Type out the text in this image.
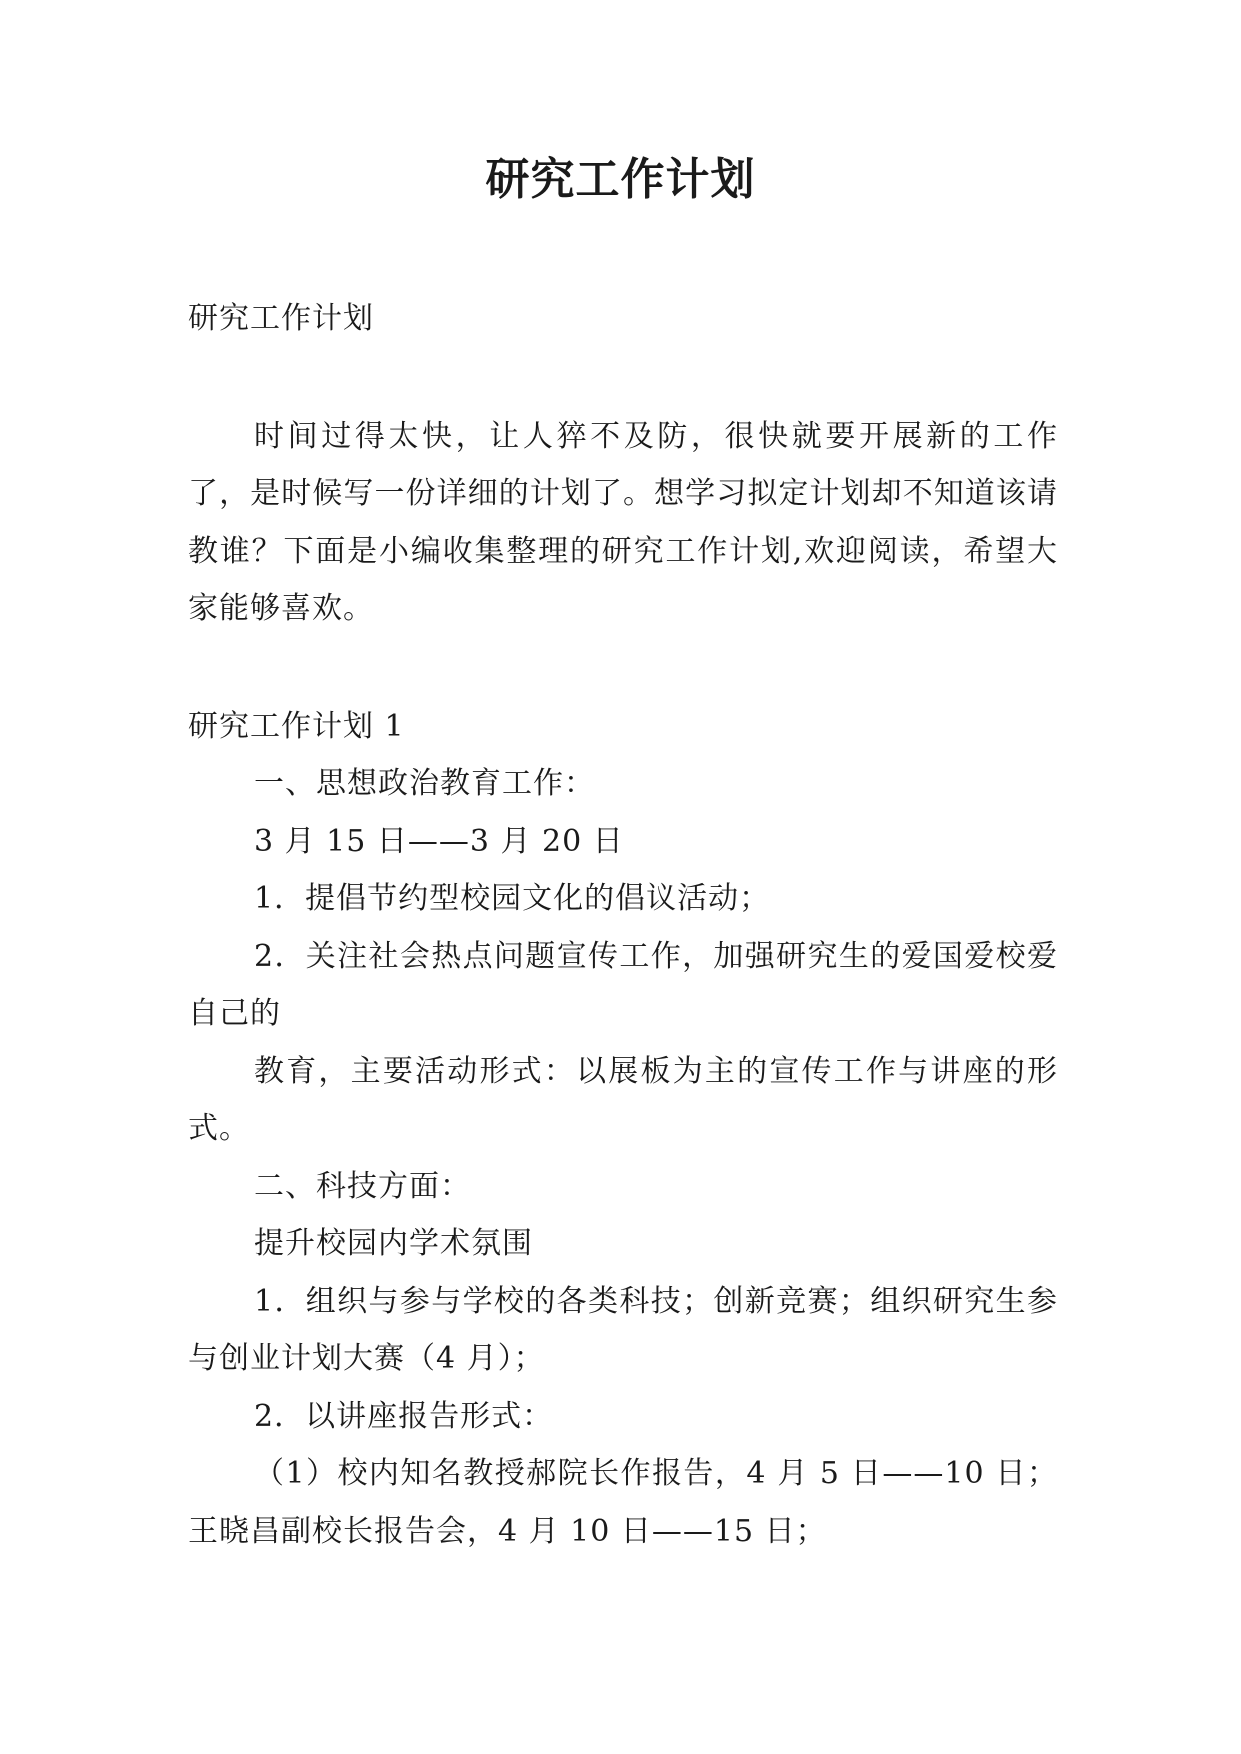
研究工作计划

研究工作计划

时间过得太快，让人猝不及防，很快就要开展新的工作了，是时候写一份详细的计划了。想学习拟定计划却不知道该请教谁？下面是小编收集整理的研究工作计划,欢迎阅读，希望大家能够喜欢。

研究工作计划 1

一、思想政治教育工作：

3 月 15 日——3 月 20 日

1．提倡节约型校园文化的倡议活动；

2．关注社会热点问题宣传工作，加强研究生的爱国爱校爱自己的

教育，主要活动形式：以展板为主的宣传工作与讲座的形式。

二、科技方面：

提升校园内学术氛围

1．组织与参与学校的各类科技；创新竞赛；组织研究生参与创业计划大赛（4 月）；

2．以讲座报告形式：

（1）校内知名教授郝院长作报告，4 月 5 日——10 日；王晓昌副校长报告会，4 月 10 日——15 日；
